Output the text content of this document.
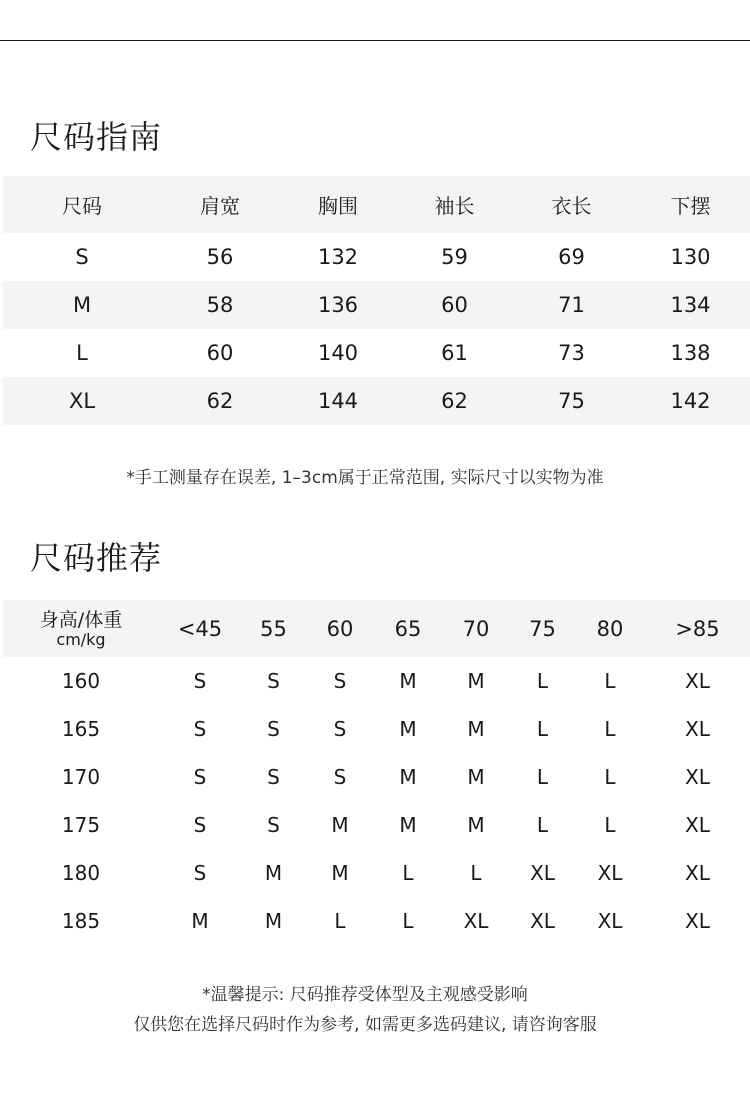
尺码指南
尺码	肩宽	胸围	袖长	衣长	下摆
S	56	132	59	69	130
M	58	136	60	71	134
L	60	140	61	73	138
XL	62	144	62	75	142
*手工测量存在误差, 1–3cm属于正常范围, 实际尺寸以实物为准
尺码推荐
身高/体重
cm/kg	<45	55	60	65	70	75	80	>85
160	S	S	S	M	M	L	L	XL
165	S	S	S	M	M	L	L	XL
170	S	S	S	M	M	L	L	XL
175	S	S	M	M	M	L	L	XL
180	S	M	M	L	L	XL	XL	XL
185	M	M	L	L	XL	XL	XL	XL
*温馨提示: 尺码推荐受体型及主观感受影响
仅供您在选择尺码时作为参考, 如需更多选码建议, 请咨询客服
